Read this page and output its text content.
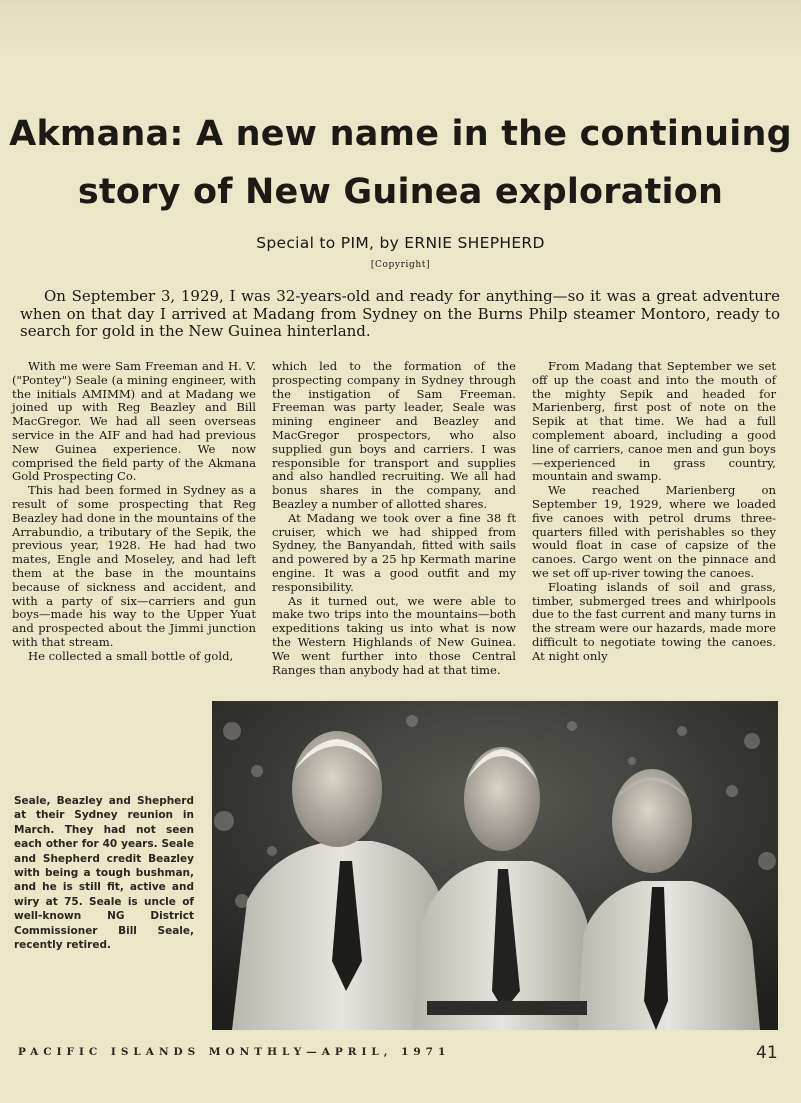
Akmana: A new name in the continuing
story of New Guinea exploration
Special to PIM, by ERNIE SHEPHERD
[Copyright]
On September 3, 1929, I was 32-years-old and ready for anything—so it was a great adventure when on that day I arrived at Madang from Sydney on the Burns Philp steamer Montoro, ready to search for gold in the New Guinea hinterland.

With me were Sam Freeman and H. V. ("Pontey") Seale (a mining engineer, with the initials AMIMM) and at Madang we joined up with Reg Beazley and Bill MacGregor. We had all seen overseas service in the AIF and had had previous New Guinea experience. We now comprised the field party of the Akmana Gold Prospecting Co.

This had been formed in Sydney as a result of some prospecting that Reg Beazley had done in the mountains of the Arrabundio, a tributary of the Sepik, the previous year, 1928. He had had two mates, Engle and Moseley, and had left them at the base in the mountains because of sickness and accident, and with a party of six—carriers and gun boys—made his way to the Upper Yuat and prospected about the Jimmi junction with that stream.

He collected a small bottle of gold,

which led to the formation of the prospecting company in Sydney through the instigation of Sam Freeman. Freeman was party leader, Seale was mining engineer and Beazley and MacGregor prospectors, who also supplied gun boys and carriers. I was responsible for transport and supplies and also handled recruiting. We all had bonus shares in the company, and Beazley a number of allotted shares.

At Madang we took over a fine 38 ft cruiser, which we had shipped from Sydney, the Banyandah, fitted with sails and powered by a 25 hp Kermath marine engine. It was a good outfit and my responsibility.

As it turned out, we were able to make two trips into the mountains—both expeditions taking us into what is now the Western Highlands of New Guinea. We went further into those Central Ranges than anybody had at that time.

From Madang that September we set off up the coast and into the mouth of the mighty Sepik and headed for Marienberg, first post of note on the Sepik at that time. We had a full complement aboard, including a good line of carriers, canoe men and gun boys—experienced in grass country, mountain and swamp.

We reached Marienberg on September 19, 1929, where we loaded five canoes with petrol drums three-quarters filled with perishables so they would float in case of capsize of the canoes. Cargo went on the pinnace and we set off up-river towing the canoes.

Floating islands of soil and grass, timber, submerged trees and whirlpools due to the fast current and many turns in the stream were our hazards, made more difficult to negotiate towing the canoes. At night only

Seale, Beazley and Shepherd at their Sydney reunion in March. They had not seen each other for 40 years. Seale and Shepherd credit Beazley with being a tough bushman, and he is still fit, active and wiry at 75. Seale is uncle of well-known NG District Commissioner Bill Seale, recently retired.
PACIFIC ISLANDS MONTHLY—APRIL, 1971	41
